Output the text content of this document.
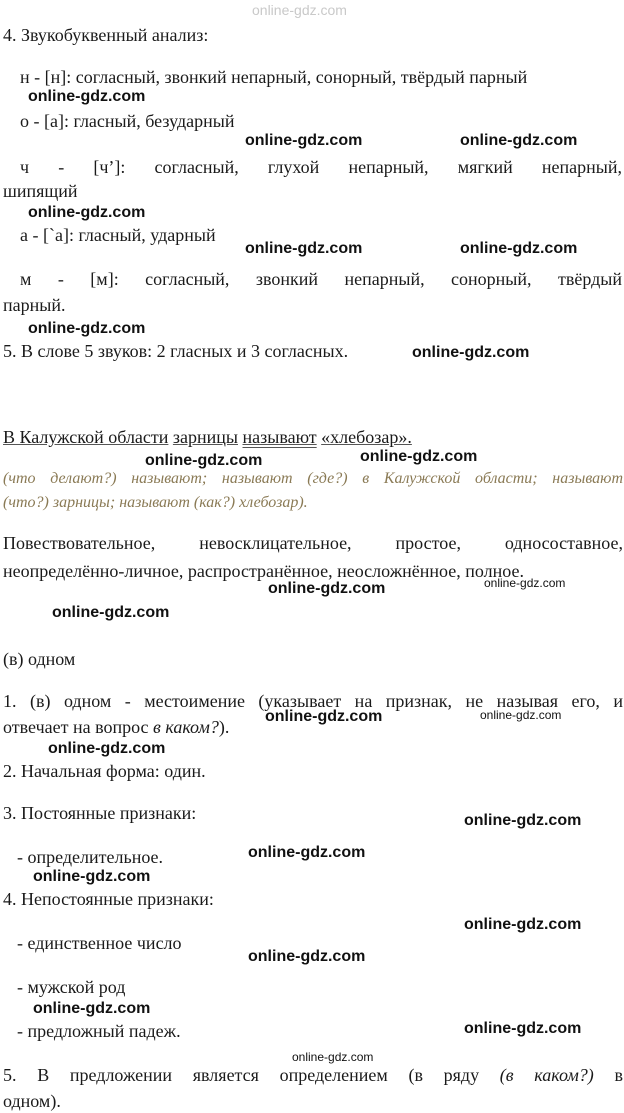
online-gdz.com
4. Звукобуквенный анализ:
н - [н]: согласный, звонкий непарный, сонорный, твёрдый парный
online-gdz.com
о - [а]: гласный, безударный
online-gdz.com	online-gdz.com
ч - [ч’]: согласный, глухой непарный, мягкий непарный,
шипящий
online-gdz.com
а - [`а]: гласный, ударный
online-gdz.com	online-gdz.com
м - [м]: согласный, звонкий непарный, сонорный, твёрдый
парный.
online-gdz.com
5. В слове 5 звуков: 2 гласных и 3 согласных.	online-gdz.com
В Калужской области зарницы называют «хлебозар».
online-gdz.com	online-gdz.com
(что делают?) называют; называют (где?) в Калужской области; называют
(что?) зарницы; называют (как?) хлебозар).
Повествовательное, невосклицательное, простое, односоставное,
неопределённо-личное, распространённое, неосложнённое, полное.
online-gdz.com
online-gdz.com
online-gdz.com
(в) одном
1. (в) одном - местоимение (указывает на признак, не называя его, и
online-gdz.com	online-gdz.com
отвечает на вопрос в каком?).
online-gdz.com
2. Начальная форма: один.
3. Постоянные признаки:	online-gdz.com
online-gdz.com
- определительное.
online-gdz.com
4. Непостоянные признаки:
online-gdz.com
- единственное число
online-gdz.com
- мужской род
online-gdz.com
- предложный падеж.	online-gdz.com
online-gdz.com
5. В предложении является определением (в ряду (в каком?) в
одном).
